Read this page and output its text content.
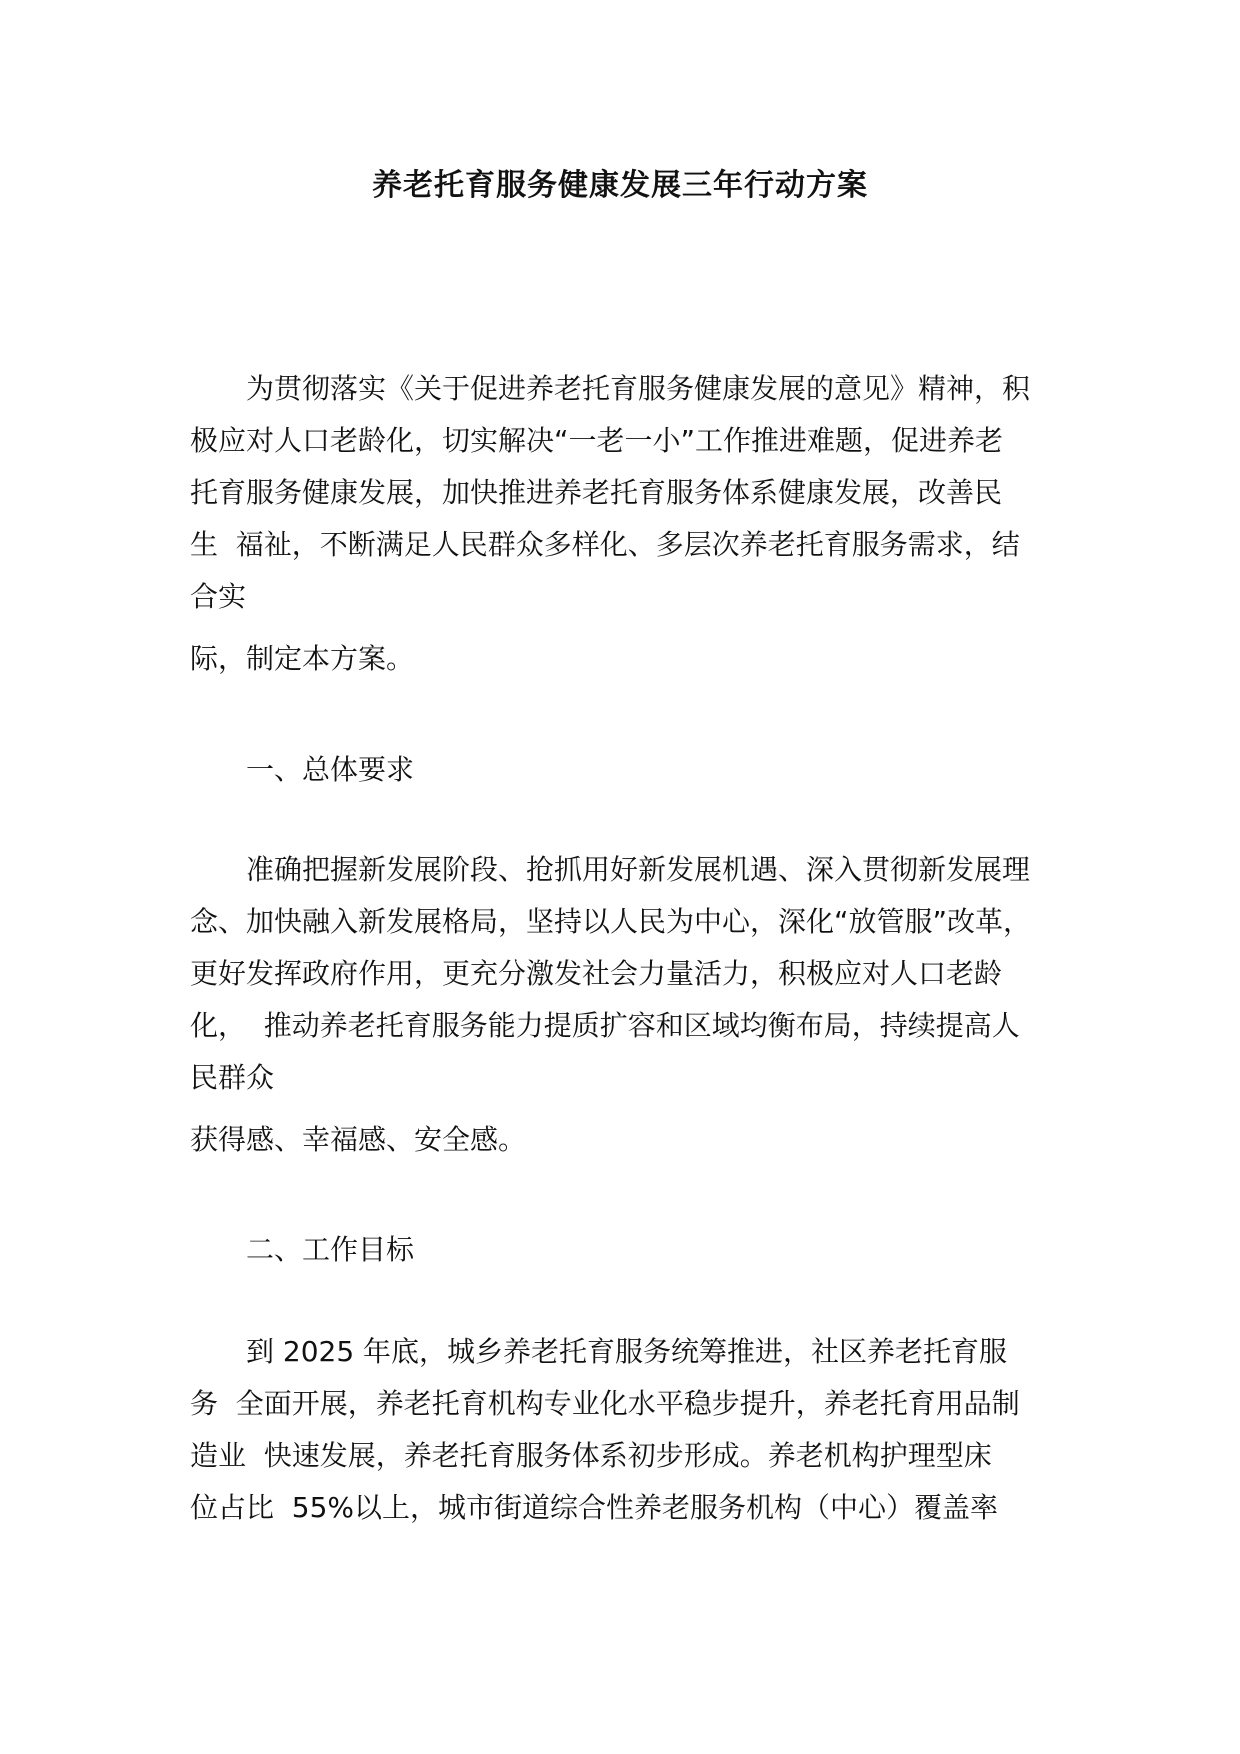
养老托育服务健康发展三年行动方案
为贯彻落实《关于促进养老托育服务健康发展的意见》精神，积
极应对人口老龄化，切实解决“一老一小”工作推进难题，促进养老
托育服务健康发展，加快推进养老托育服务体系健康发展，改善民
生  福祉，不断满足人民群众多样化、多层次养老托育服务需求，结
合实
际，制定本方案。
一、总体要求
准确把握新发展阶段、抢抓用好新发展机遇、深入贯彻新发展理
念、加快融入新发展格局，坚持以人民为中心，深化“放管服”改革，
更好发挥政府作用，更充分激发社会力量活力，积极应对人口老龄
化，  推动养老托育服务能力提质扩容和区域均衡布局，持续提高人
民群众
获得感、幸福感、安全感。
二、工作目标
到 2025 年底，城乡养老托育服务统筹推进，社区养老托育服
务  全面开展，养老托育机构专业化水平稳步提升，养老托育用品制
造业  快速发展，养老托育服务体系初步形成。养老机构护理型床
位占比  55%以上，城市街道综合性养老服务机构（中心）覆盖率
